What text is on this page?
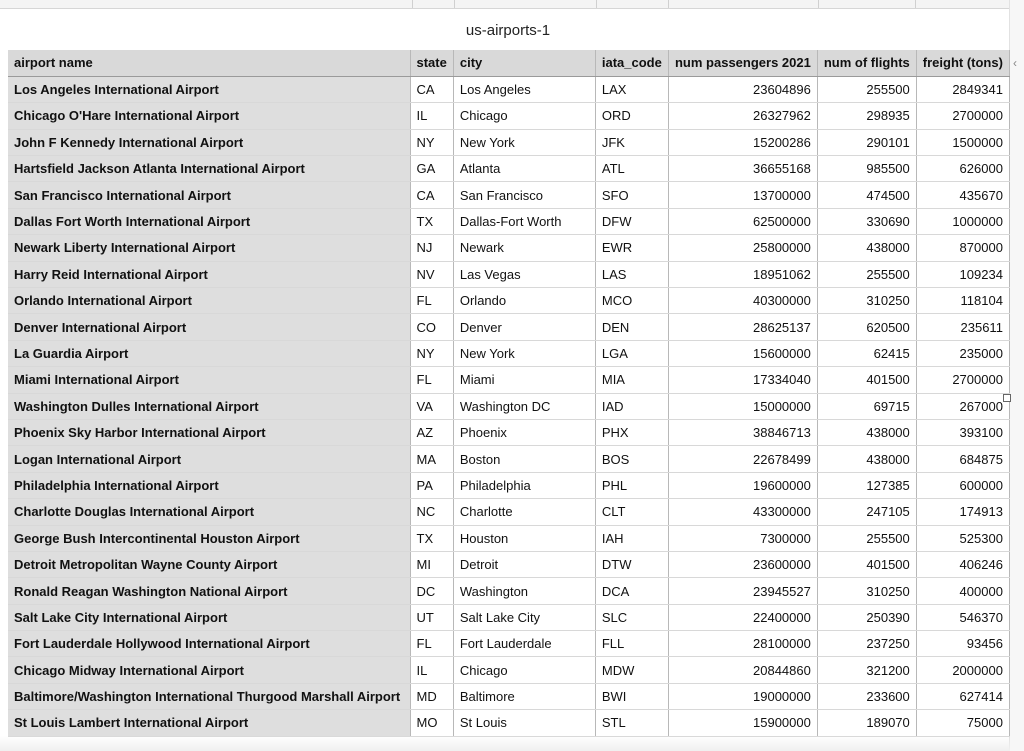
us-airports-1
‹
airport name	state	city	iata_code	num passengers 2021	num of flights	freight (tons)
Los Angeles International Airport	CA	Los Angeles	LAX	23604896	255500	2849341
Chicago O'Hare International Airport	IL	Chicago	ORD	26327962	298935	2700000
John F Kennedy International Airport	NY	New York	JFK	15200286	290101	1500000
Hartsfield Jackson Atlanta International Airport	GA	Atlanta	ATL	36655168	985500	626000
San Francisco International Airport	CA	San Francisco	SFO	13700000	474500	435670
Dallas Fort Worth International Airport	TX	Dallas-Fort Worth	DFW	62500000	330690	1000000
Newark Liberty International Airport	NJ	Newark	EWR	25800000	438000	870000
Harry Reid International Airport	NV	Las Vegas	LAS	18951062	255500	109234
Orlando International Airport	FL	Orlando	MCO	40300000	310250	118104
Denver International Airport	CO	Denver	DEN	28625137	620500	235611
La Guardia Airport	NY	New York	LGA	15600000	62415	235000
Miami International Airport	FL	Miami	MIA	17334040	401500	2700000
Washington Dulles International Airport	VA	Washington DC	IAD	15000000	69715	267000
Phoenix Sky Harbor International Airport	AZ	Phoenix	PHX	38846713	438000	393100
Logan International Airport	MA	Boston	BOS	22678499	438000	684875
Philadelphia International Airport	PA	Philadelphia	PHL	19600000	127385	600000
Charlotte Douglas International Airport	NC	Charlotte	CLT	43300000	247105	174913
George Bush Intercontinental Houston Airport	TX	Houston	IAH	7300000	255500	525300
Detroit Metropolitan Wayne County Airport	MI	Detroit	DTW	23600000	401500	406246
Ronald Reagan Washington National Airport	DC	Washington	DCA	23945527	310250	400000
Salt Lake City International Airport	UT	Salt Lake City	SLC	22400000	250390	546370
Fort Lauderdale Hollywood International Airport	FL	Fort Lauderdale	FLL	28100000	237250	93456
Chicago Midway International Airport	IL	Chicago	MDW	20844860	321200	2000000
Baltimore/Washington International Thurgood Marshall Airport	MD	Baltimore	BWI	19000000	233600	627414
St Louis Lambert International Airport	MO	St Louis	STL	15900000	189070	75000
